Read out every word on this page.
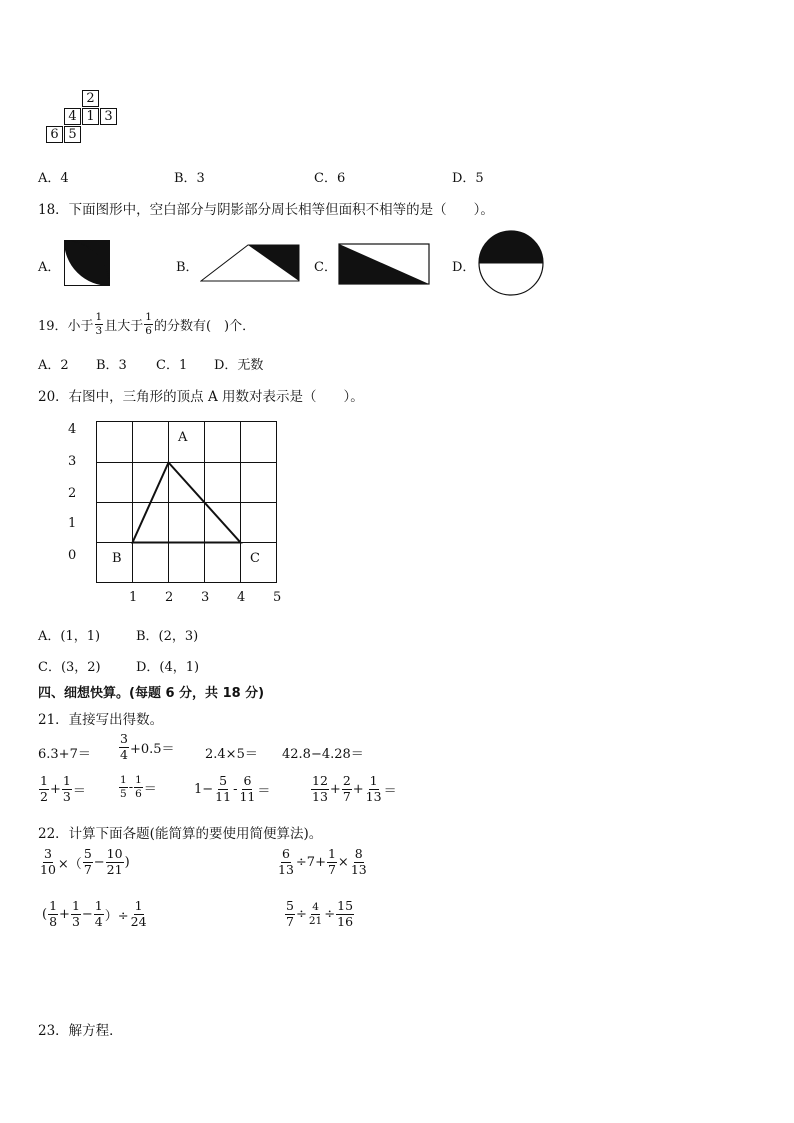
2
4 1 3
6 5
A．4	B．3	C．6	D．5
18．下面图形中，空白部分与阴影部分周长相等但面积不相等的是（　　）。
A．	B．	C．	D．
19．小于 $\frac{1}{3}$ 且大于 $\frac{1}{6}$ 的分数有(　)个．
A．2 B．3 C．1 D．无数
20．右图中，三角形的顶点 A 用数对表示是（　　）。
4
3
2
1
0
A
B	C
1 2 3 4 5
A．(1，1)	B．(2，3)
C．(3，2)	D．(4，1)
四、细想快算。(每题 6 分，共 18 分)
21．直接写出得数。
$6.3+7= \frac{3}{4} +0.5= 2.4\times 5= 42.8-4.28=$
$\frac{1}{2} + \frac{1}{3}$ ＝	$\frac{1}{5} - \frac{1}{6}$ ＝	$1- \frac{5}{11} - \frac{6}{11}$ ＝	$\frac{12}{13} + \frac{2}{7} + \frac{1}{13}$ ＝
22．计算下面各题(能简算的要使用简便算法)。
$\frac{3}{10}$ ×（ $\frac{5}{7} - \frac{10}{21}$ )	$\frac{6}{13} \div 7+ \frac{1}{7} \times \frac{8}{13}$
( $\frac{1}{8} + \frac{1}{3} - \frac{1}{4}$ ）÷ $\frac{1}{24}$	$\frac{5}{7} \div \frac{4}{21} \div \frac{15}{16}$
23．解方程．
